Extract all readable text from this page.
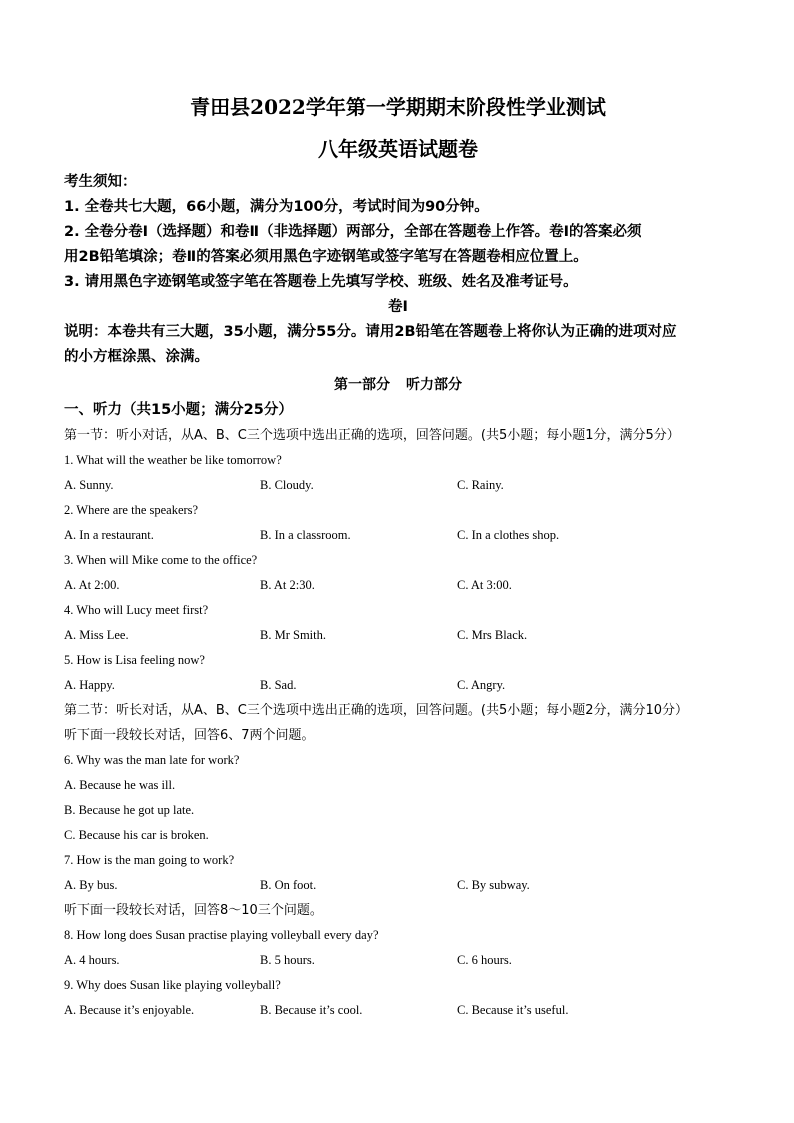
青田县2022学年第一学期期末阶段性学业测试
八年级英语试题卷
考生须知：
1. 全卷共七大题，66小题，满分为100分，考试时间为90分钟。
2. 全卷分卷Ⅰ（选择题）和卷Ⅱ（非选择题）两部分，全部在答题卷上作答。卷Ⅰ的答案必须
用2B铅笔填涂；卷Ⅱ的答案必须用黑色字迹钢笔或签字笔写在答题卷相应位置上。
3. 请用黑色字迹钢笔或签字笔在答题卷上先填写学校、班级、姓名及准考证号。
卷Ⅰ
说明：本卷共有三大题，35小题，满分55分。请用2B铅笔在答题卷上将你认为正确的进项对应
的小方框涂黑、涂满。
第一部分 听力部分
一、听力（共15小题；满分25分）
第一节：听小对话，从A、B、C三个选项中选出正确的选项，回答问题。(共5小题；每小题1分，满分5分）
1. What will the weather be like tomorrow?
A. Sunny.	B. Cloudy.	C. Rainy.
2. Where are the speakers?
A. In a restaurant.	B. In a classroom.	C. In a clothes shop.
3. When will Mike come to the office?
A. At 2:00.	B. At 2:30.	C. At 3:00.
4. Who will Lucy meet first?
A. Miss Lee.	B. Mr Smith.	C. Mrs Black.
5. How is Lisa feeling now?
A. Happy.	B. Sad.	C. Angry.
第二节：听长对话，从A、B、C三个选项中选出正确的选项，回答问题。(共5小题；每小题2分，满分10分）
听下面一段较长对话，回答6、7两个问题。
6. Why was the man late for work?
A. Because he was ill.
B. Because he got up late.
C. Because his car is broken.
7. How is the man going to work?
A. By bus.	B. On foot.	C. By subway.
听下面一段较长对话，回答8～10三个问题。
8. How long does Susan practise playing volleyball every day?
A. 4 hours.	B. 5 hours.	C. 6 hours.
9. Why does Susan like playing volleyball?
A. Because it’s enjoyable.	B. Because it’s cool.	C. Because it’s useful.
